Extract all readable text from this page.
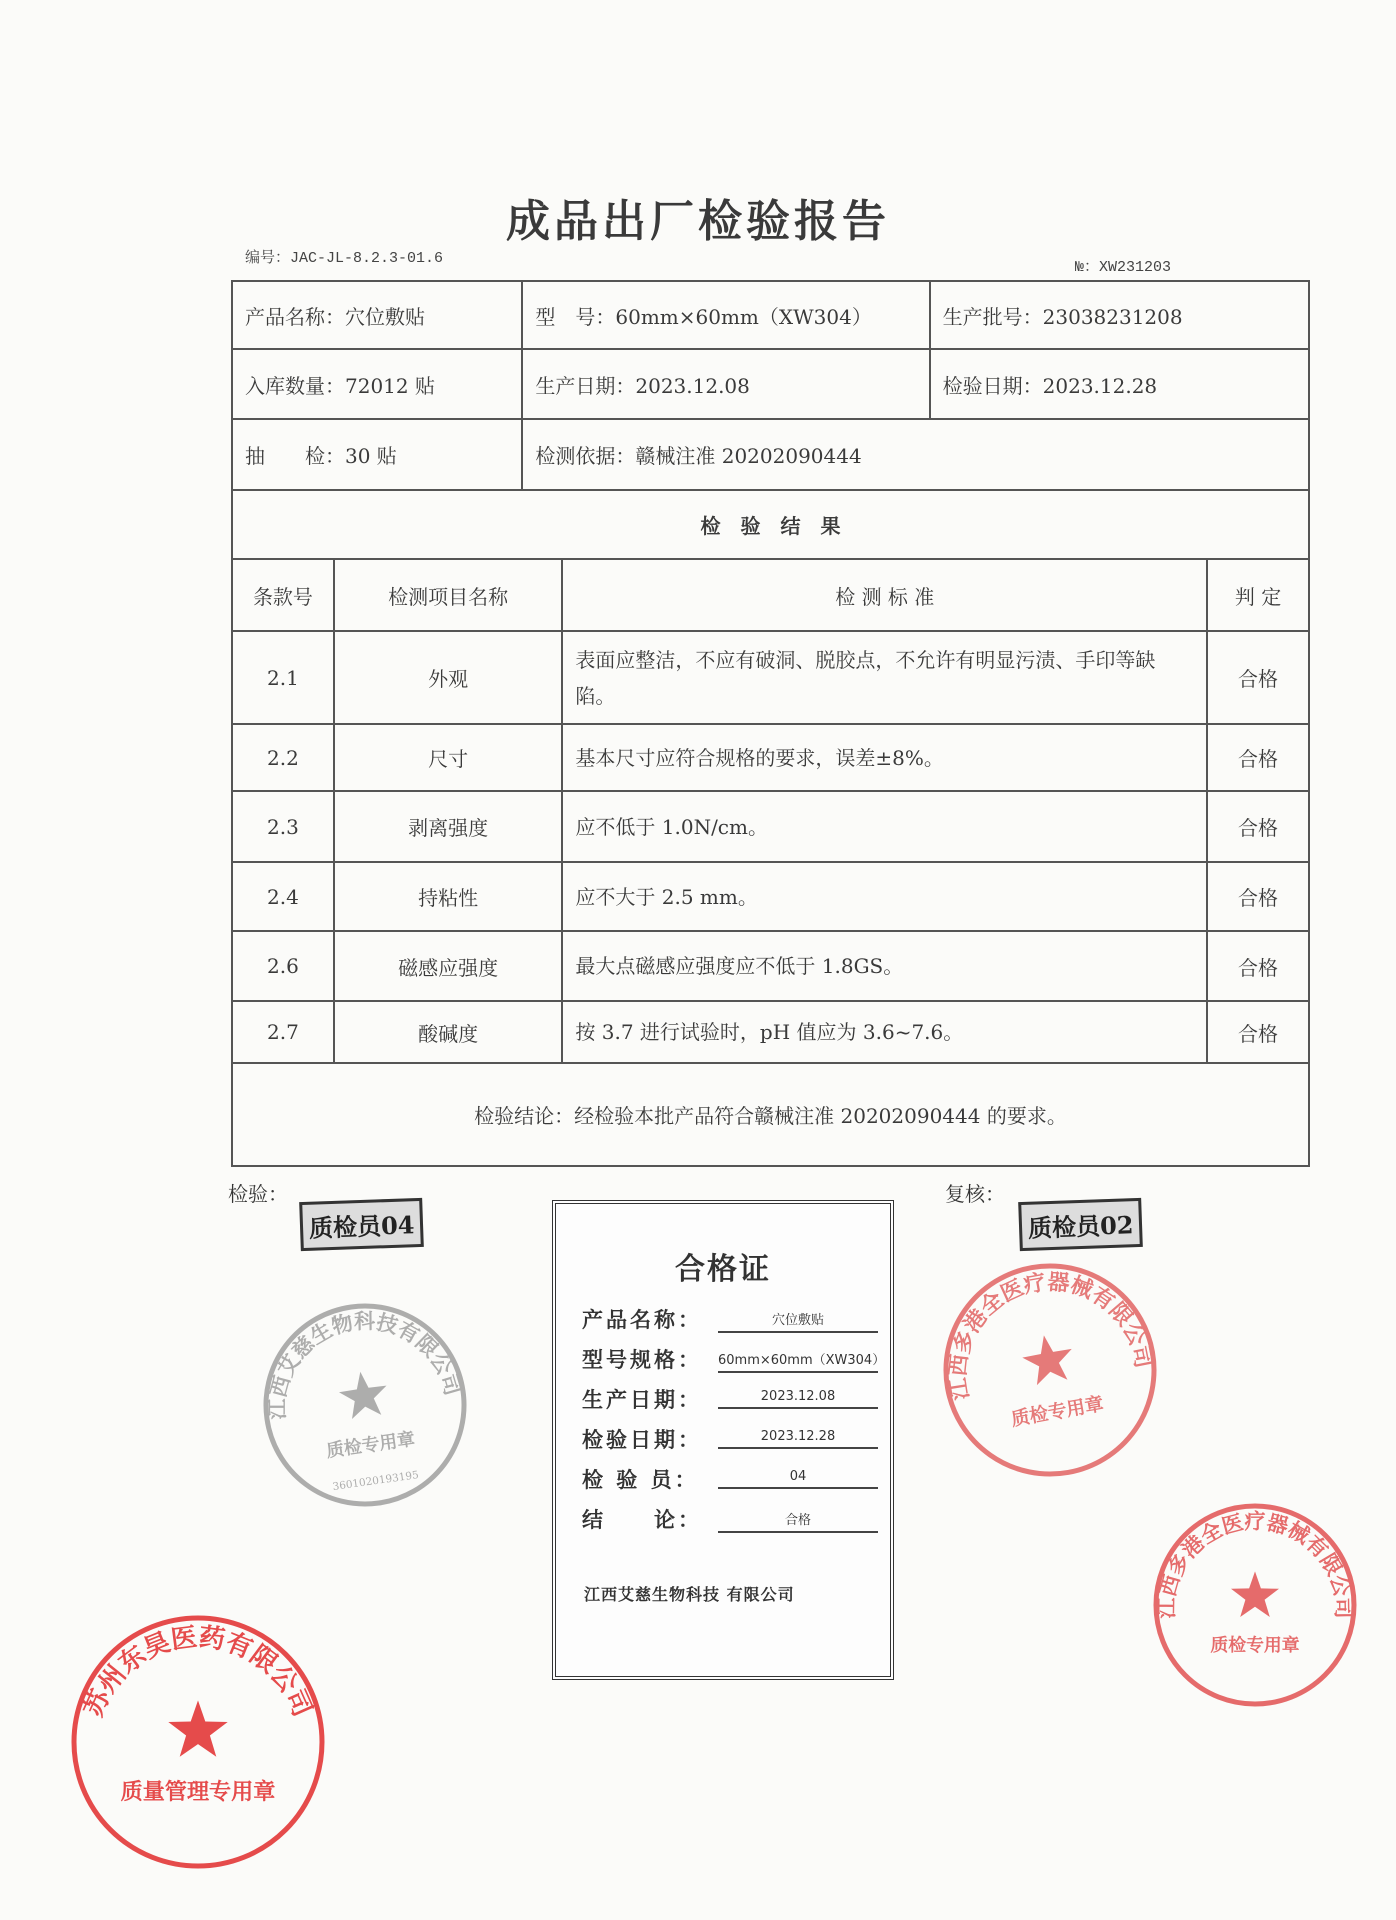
成品出厂检验报告
编号：JAC-JL-8.2.3-01.6
№：XW231203
产品名称：穴位敷贴	型　号：60mm×60mm（XW304）	生产批号：23038231208
入库数量：72012 贴	生产日期：2023.12.08	检验日期：2023.12.28
抽　　检：30 贴	检测依据：赣械注准 20202090444	
检　验　结　果		
条款号	检测项目名称	检 测 标 准	判 定
2.1	外观	表面应整洁，不应有破洞、脱胶点，不允许有明显污渍、手印等缺陷。	合格
2.2	尺寸	基本尺寸应符合规格的要求，误差±8%。	合格
2.3	剥离强度	应不低于 1.0N/cm。	合格
2.4	持粘性	应不大于 2.5 mm。	合格
2.6	磁感应强度	最大点磁感应强度应不低于 1.8GS。	合格
2.7	酸碱度	按 3.7 进行试验时，pH 值应为 3.6~7.6。	合格
检验结论：经检验本批产品符合赣械注准 20202090444 的要求。			
检验：
质检员04
复核：
质检员02
合格证
产品名称：	穴位敷贴
型号规格： 60mm×60mm（XW304）
生产日期：	2023.12.08
检验日期：	2023.12.28
检 验 员：	04
结　　论：	合格
江西艾慈生物科技 有限公司
江西艾慈生物科技有限公司
质检专用章
3601020193195
江西多港全医疗器械有限公司
质检专用章
江西多港全医疗器械有限公司
质检专用章
苏州东昊医药有限公司
质量管理专用章
